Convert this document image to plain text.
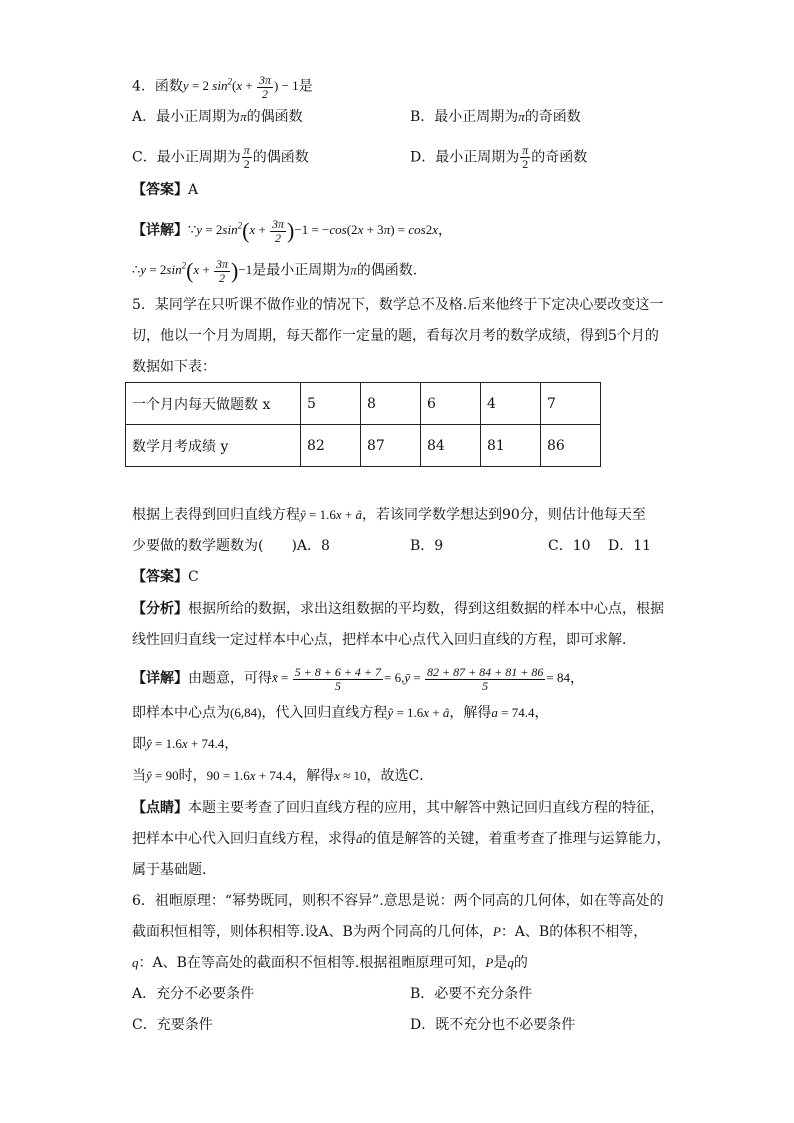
4．函数y = 2 $\sin^2(x + \frac{3\pi}{2}$ ) − 1是
A．最小正周期为π的偶函数	B．最小正周期为π的奇函数
C．最小正周期为 $\frac{\pi}{2}$ 的偶函数	D．最小正周期为 $\frac{\pi}{2}$ 的奇函数
【答案】A
【详解】∵y = $2\sin^2(x + \frac{3\pi}{2} )-1 = -\cos(2x + 3\pi) = \cos 2x$，
∴y = $2\sin^2(x + \frac{3\pi}{2} )-1$是最小正周期为π的偶函数.
5．某同学在只听课不做作业的情况下，数学总不及格.后来他终于下定决心要改变这一
切，他以一个月为周期，每天都作一定量的题，看每次月考的数学成绩，得到5个月的
数据如下表：
一个月内每天做题数 x	5	8	6	4	7
数学月考成绩 y	82	87	84	81	86
根据上表得到回归直线方程ŷ = 1.6x + â，若该同学数学想达到90分，则估计他每天至
少要做的数学题数为(　　)A．8	B．9	C．10 D．11
【答案】C
【分析】根据所给的数据，求出这组数据的平均数，得到这组数据的样本中心点，根据
线性回归直线一定过样本中心点，把样本中心点代入回归直线的方程，即可求解．
【详解】由题意，可得x̄ = $\frac{5 + 8 + 6 + 4 + 7}{5}$ = 6,ȳ = $\frac{82 + 87 + 84 + 81 + 86}{5} = 84$，
即样本中心点为(6,84)，代入回归直线方程ŷ = 1.6x + â，解得a = 74.4，
即ŷ = 1.6x + 74.4，
当ŷ = 90时，90 = 1.6x + 74.4，解得x ≈ 10，故选C．
【点睛】本题主要考查了回归直线方程的应用，其中解答中熟记回归直线方程的特征，
把样本中心代入回归直线方程，求得â的值是解答的关键，着重考查了推理与运算能力，
属于基础题．
6．祖暅原理：“幂势既同，则积不容异”.意思是说：两个同高的几何体，如在等高处的
截面积恒相等，则体积相等.设A、B为两个同高的几何体，P：A、B的体积不相等，
q：A、B在等高处的截面积不恒相等.根据祖暅原理可知，P是q的
A．充分不必要条件	B．必要不充分条件
C．充要条件	D．既不充分也不必要条件
